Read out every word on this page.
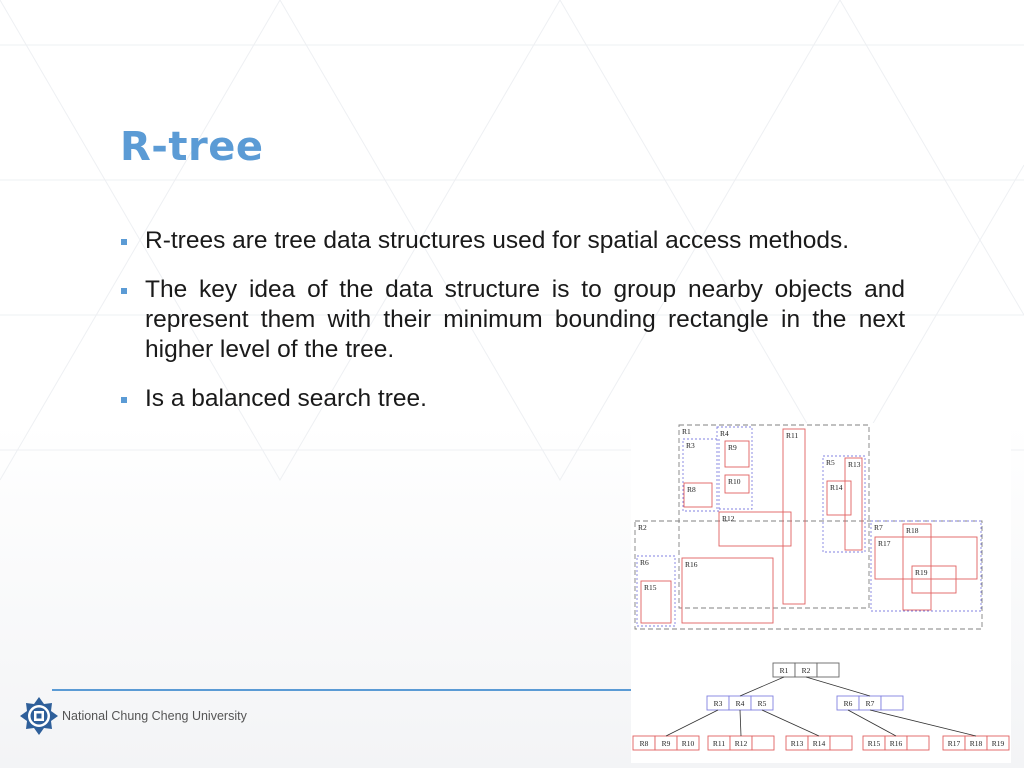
R-tree
R-trees are tree data structures used for spatial access methods.
The key idea of the data structure is to group nearby objects and represent them with their minimum bounding rectangle in the next higher level of the tree.
Is a balanced search tree.
National Chung Cheng University
R2
R1
R6
R3
R4
R5
R7
R15
R8
R9
R10
R11
R12
R13
R14
R16
R17
R18
R19
R1 R2
R3 R4 R5	R6 R7
R8 R9 R10 R11 R12	R13 R14	R15 R16	R17 R18 R19
